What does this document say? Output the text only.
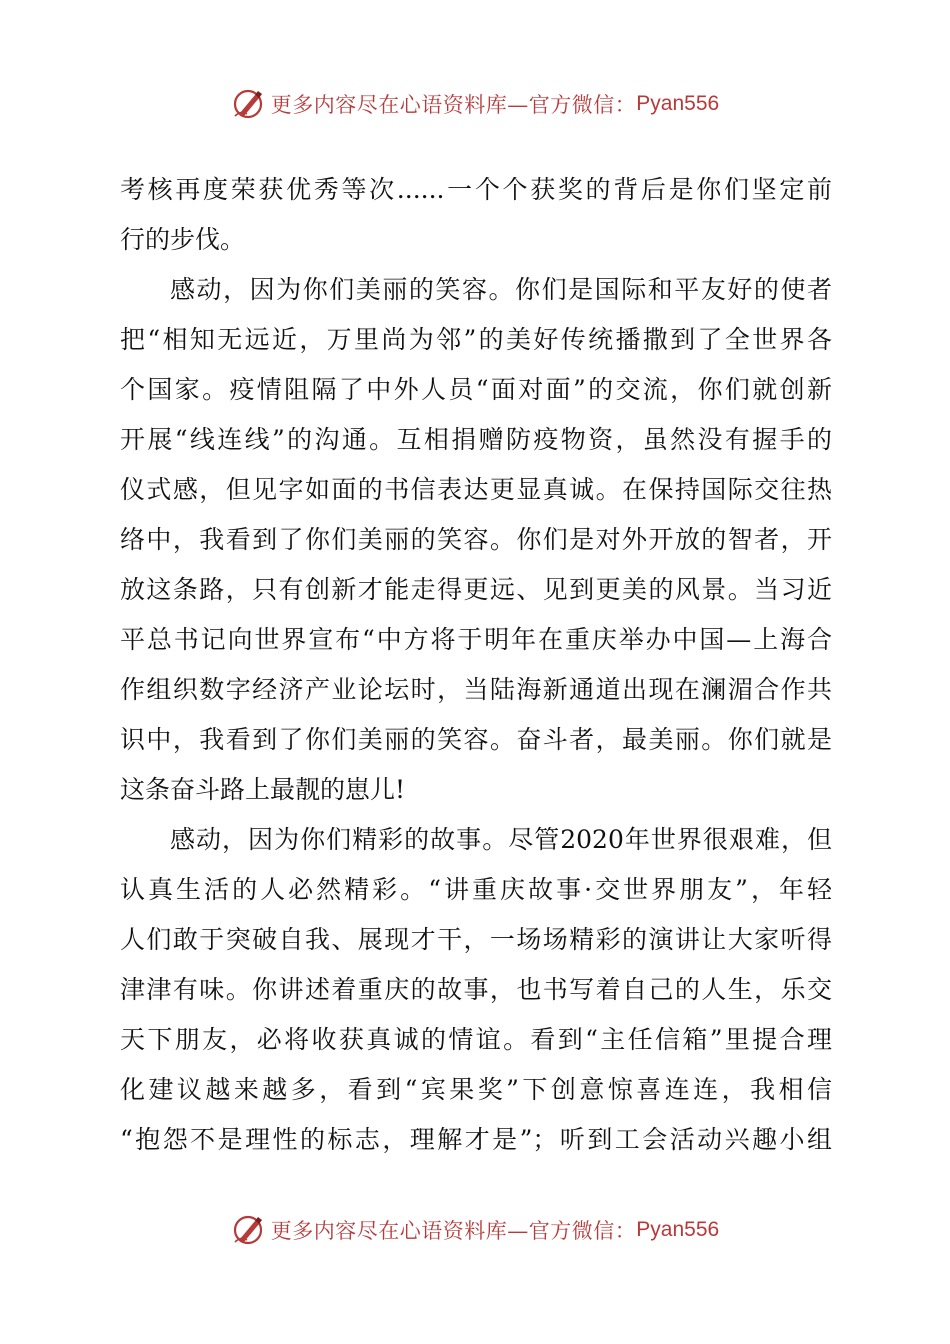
更多内容尽在心语资料库—官方微信： Pyan556
考核再度荣获优秀等次......一个个获奖的背后是你们坚定前
行的步伐。
感动，因为你们美丽的笑容。你们是国际和平友好的使者
把“相知无远近，万里尚为邻”的美好传统播撒到了全世界各
个国家。疫情阻隔了中外人员“面对面”的交流，你们就创新
开展“线连线”的沟通。互相捐赠防疫物资，虽然没有握手的
仪式感，但见字如面的书信表达更显真诚。在保持国际交往热
络中，我看到了你们美丽的笑容。你们是对外开放的智者，开
放这条路，只有创新才能走得更远、见到更美的风景。当习近
平总书记向世界宣布“中方将于明年在重庆举办中国—上海合
作组织数字经济产业论坛时，当陆海新通道出现在澜湄合作共
识中，我看到了你们美丽的笑容。奋斗者，最美丽。你们就是
这条奋斗路上最靓的崽儿!
感动，因为你们精彩的故事。尽管2020年世界很艰难，但
认真生活的人必然精彩。“讲重庆故事·交世界朋友”，年轻
人们敢于突破自我、展现才干，一场场精彩的演讲让大家听得
津津有味。你讲述着重庆的故事，也书写着自己的人生，乐交
天下朋友，必将收获真诚的情谊。看到“主任信箱”里提合理
化建议越来越多，看到“宾果奖”下创意惊喜连连，我相信
“抱怨不是理性的标志，理解才是”；听到工会活动兴趣小组
更多内容尽在心语资料库—官方微信： Pyan556
